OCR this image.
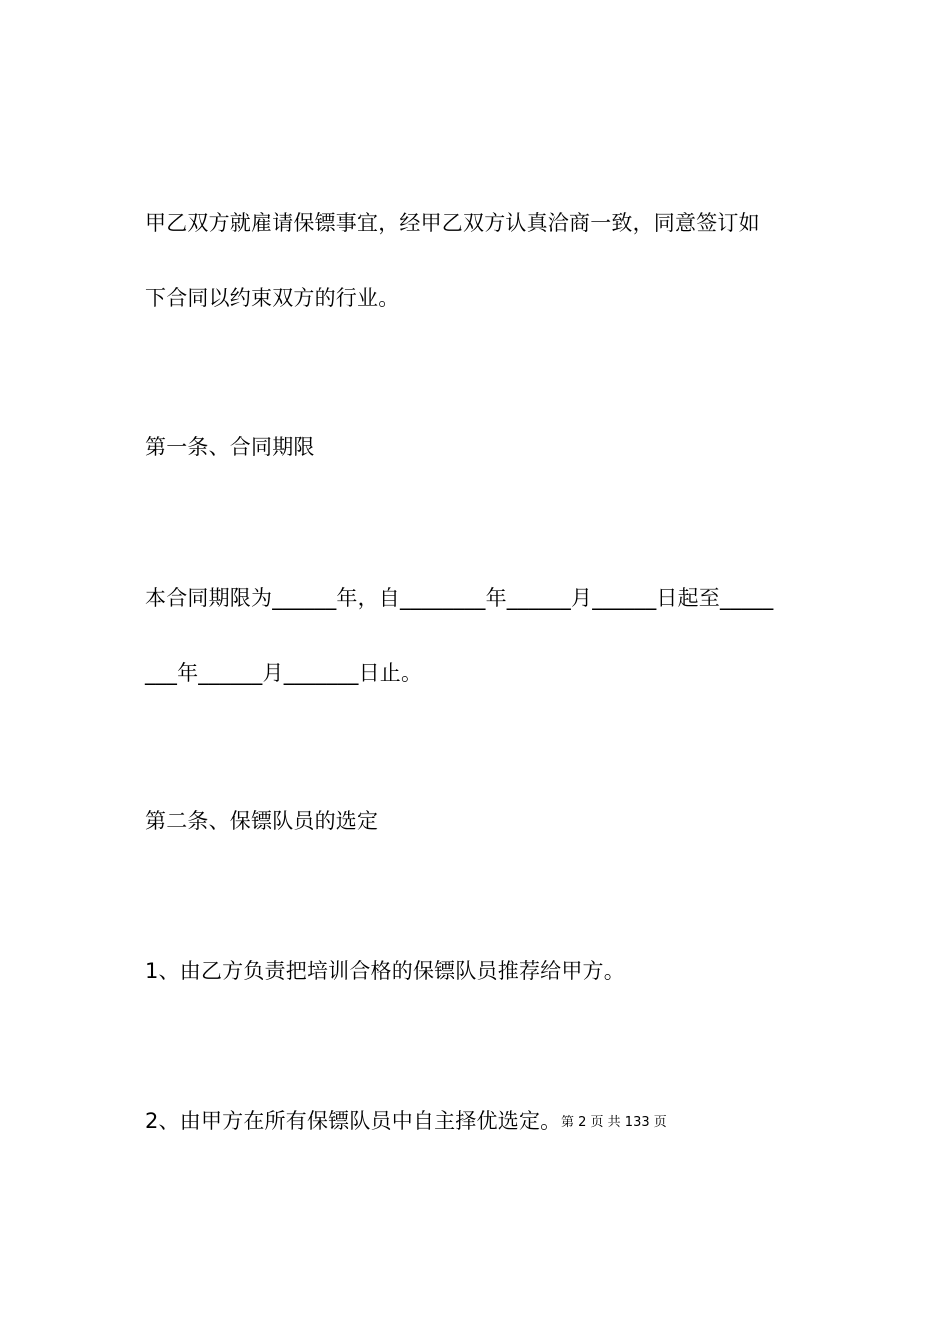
甲乙双方就雇请保镖事宜，经甲乙双方认真洽商一致，同意签订如
下合同以约束双方的行业。
第一条、合同期限
本合同期限为______年，自________年______月______日起至_____
___年______月_______日止。
第二条、保镖队员的选定
1、由乙方负责把培训合格的保镖队员推荐给甲方。
2、由甲方在所有保镖队员中自主择优选定。 第 2 页 共 133 页
